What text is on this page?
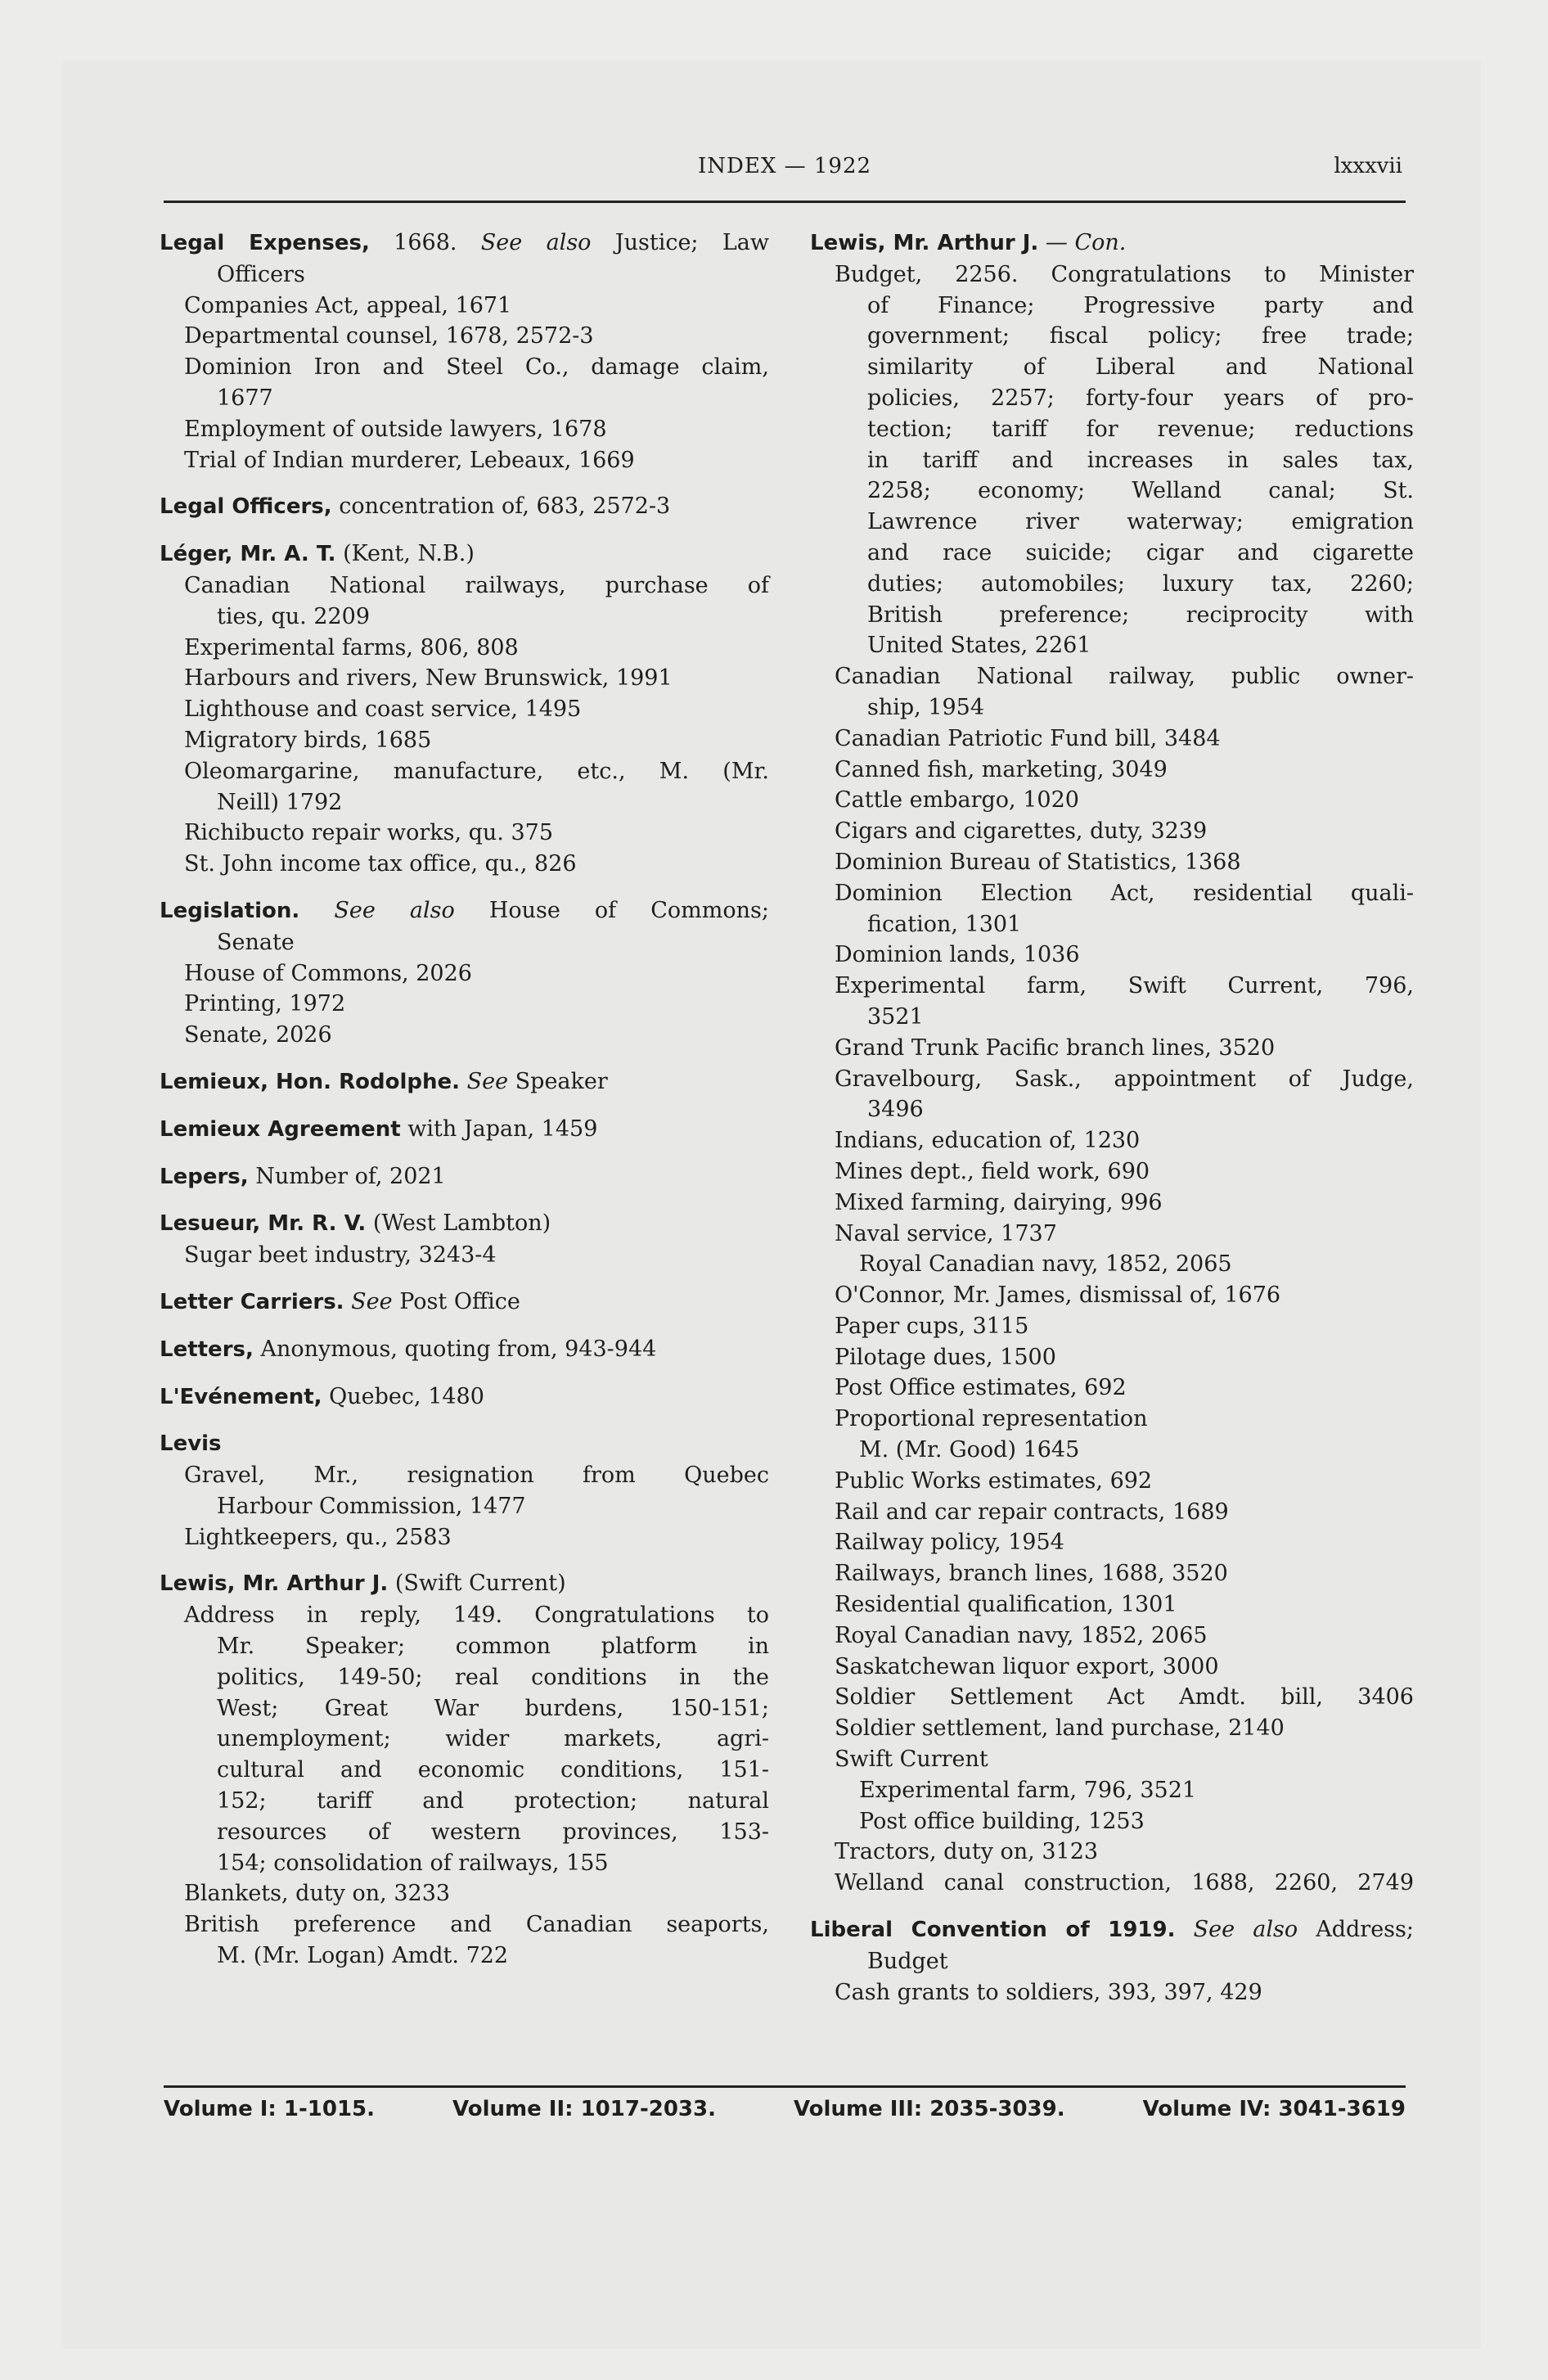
INDEX — 1922	lxxxvii
Legal Expenses, 1668. See also Justice; Law
Officers
Companies Act, appeal, 1671
Departmental counsel, 1678, 2572-3
Dominion Iron and Steel Co., damage claim,
1677
Employment of outside lawyers, 1678
Trial of Indian murderer, Lebeaux, 1669
Legal Officers, concentration of, 683, 2572-3
Léger, Mr. A. T. (Kent, N.B.)
Canadian National railways, purchase of
ties, qu. 2209
Experimental farms, 806, 808
Harbours and rivers, New Brunswick, 1991
Lighthouse and coast service, 1495
Migratory birds, 1685
Oleomargarine, manufacture, etc., M. (Mr.
Neill) 1792
Richibucto repair works, qu. 375
St. John income tax office, qu., 826
Legislation. See also House of Commons;
Senate
House of Commons, 2026
Printing, 1972
Senate, 2026
Lemieux, Hon. Rodolphe. See Speaker
Lemieux Agreement with Japan, 1459
Lepers, Number of, 2021
Lesueur, Mr. R. V. (West Lambton)
Sugar beet industry, 3243-4
Letter Carriers. See Post Office
Letters, Anonymous, quoting from, 943-944
L'Evénement, Quebec, 1480
Levis
Gravel, Mr., resignation from Quebec
Harbour Commission, 1477
Lightkeepers, qu., 2583
Lewis, Mr. Arthur J. (Swift Current)
Address in reply, 149. Congratulations to
Mr. Speaker; common platform in
politics, 149-50; real conditions in the
West; Great War burdens, 150-151;
unemployment; wider markets, agri-
cultural and economic conditions, 151-
152; tariff and protection; natural
resources of western provinces, 153-
154; consolidation of railways, 155
Blankets, duty on, 3233
British preference and Canadian seaports,
M. (Mr. Logan) Amdt. 722
Lewis, Mr. Arthur J. — Con.
Budget, 2256. Congratulations to Minister
of Finance; Progressive party and
government; fiscal policy; free trade;
similarity of Liberal and National
policies, 2257; forty-four years of pro-
tection; tariff for revenue; reductions
in tariff and increases in sales tax,
2258; economy; Welland canal; St.
Lawrence river waterway; emigration
and race suicide; cigar and cigarette
duties; automobiles; luxury tax, 2260;
British preference; reciprocity with
United States, 2261
Canadian National railway, public owner-
ship, 1954
Canadian Patriotic Fund bill, 3484
Canned fish, marketing, 3049
Cattle embargo, 1020
Cigars and cigarettes, duty, 3239
Dominion Bureau of Statistics, 1368
Dominion Election Act, residential quali-
fication, 1301
Dominion lands, 1036
Experimental farm, Swift Current, 796,
3521
Grand Trunk Pacific branch lines, 3520
Gravelbourg, Sask., appointment of Judge,
3496
Indians, education of, 1230
Mines dept., field work, 690
Mixed farming, dairying, 996
Naval service, 1737
Royal Canadian navy, 1852, 2065
O'Connor, Mr. James, dismissal of, 1676
Paper cups, 3115
Pilotage dues, 1500
Post Office estimates, 692
Proportional representation
M. (Mr. Good) 1645
Public Works estimates, 692
Rail and car repair contracts, 1689
Railway policy, 1954
Railways, branch lines, 1688, 3520
Residential qualification, 1301
Royal Canadian navy, 1852, 2065
Saskatchewan liquor export, 3000
Soldier Settlement Act Amdt. bill, 3406
Soldier settlement, land purchase, 2140
Swift Current
Experimental farm, 796, 3521
Post office building, 1253
Tractors, duty on, 3123
Welland canal construction, 1688, 2260, 2749
Liberal Convention of 1919. See also Address;
Budget
Cash grants to soldiers, 393, 397, 429
Volume I: 1-1015.	Volume II: 1017-2033.	Volume III: 2035-3039.	Volume IV: 3041-3619
